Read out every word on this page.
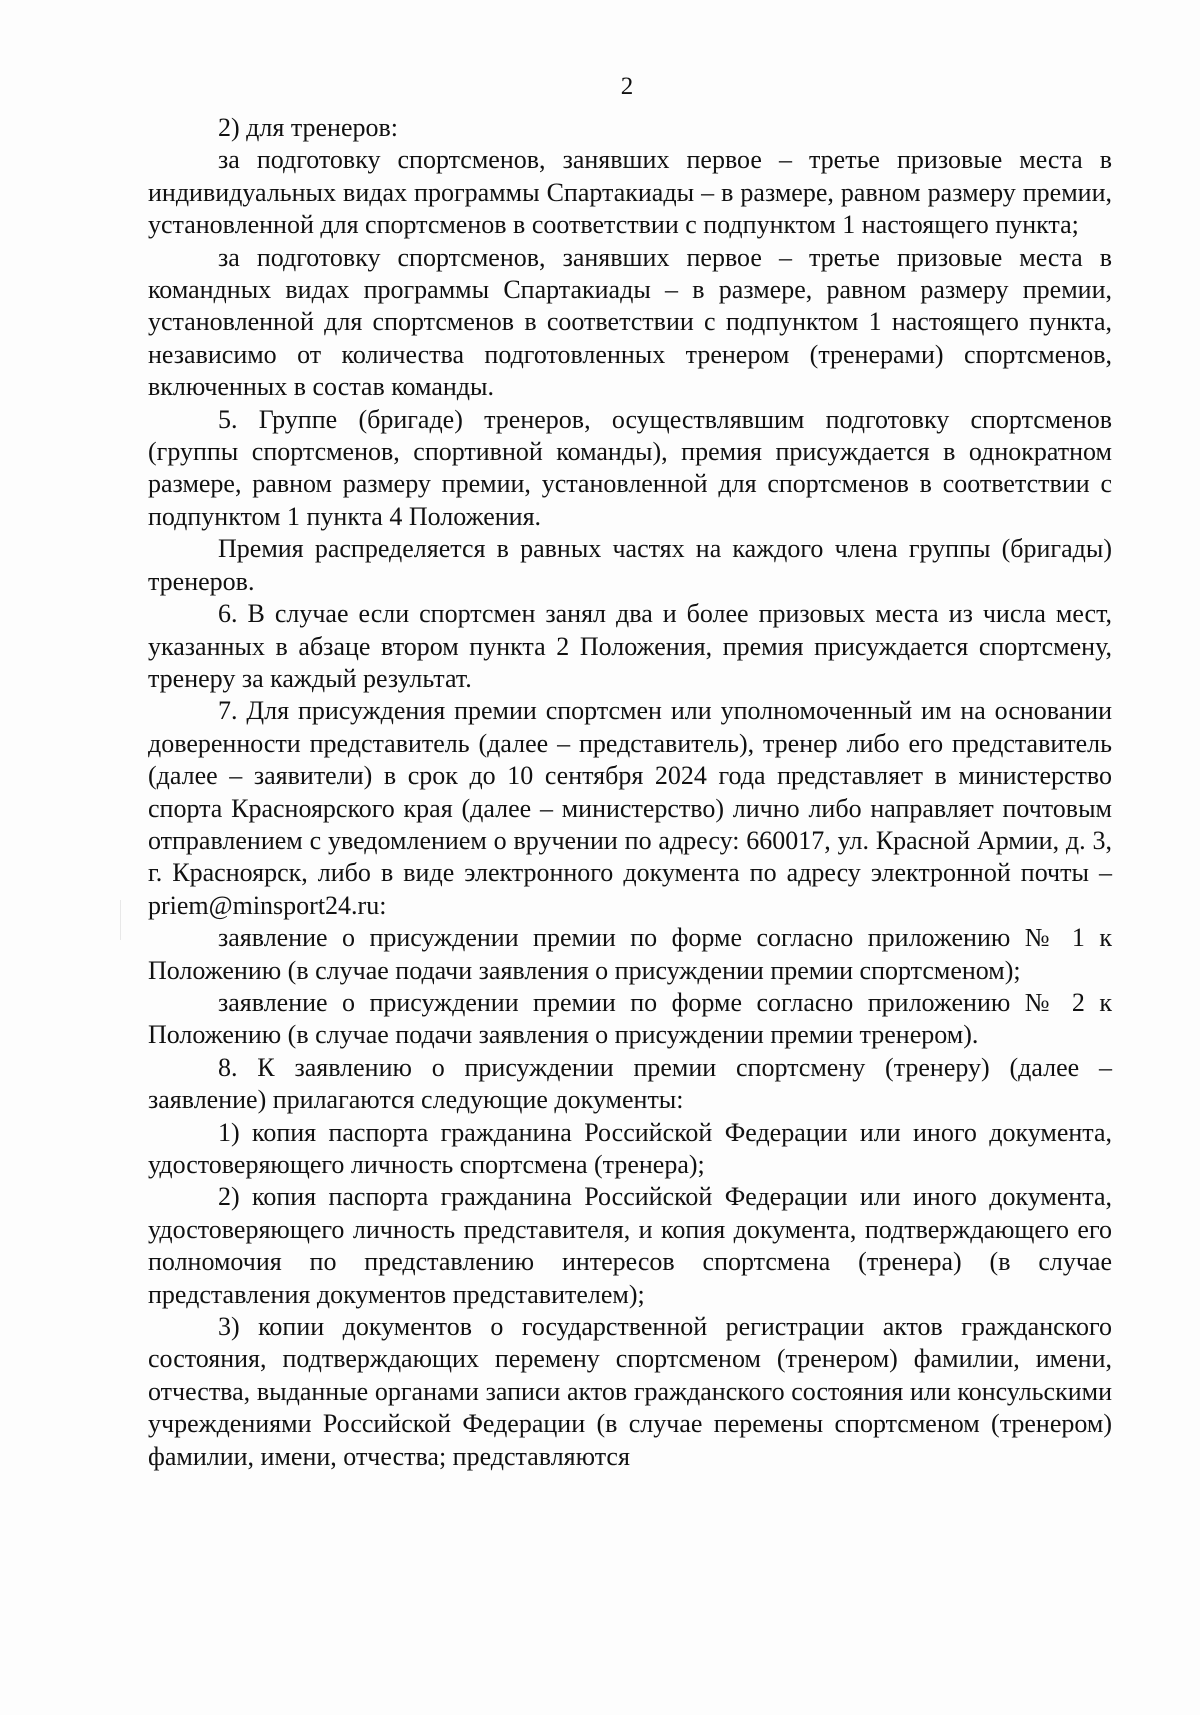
2

2) для тренеров:

за подготовку спортсменов, занявших первое – третье призовые места в индивидуальных видах программы Спартакиады – в размере, равном размеру премии, установленной для спортсменов в соответствии с подпунктом 1 настоящего пункта;

за подготовку спортсменов, занявших первое – третье призовые места в командных видах программы Спартакиады – в размере, равном размеру премии, установленной для спортсменов в соответствии с подпунктом 1 настоящего пункта, независимо от количества подготовленных тренером (тренерами) спортсменов, включенных в состав команды.

5. Группе (бригаде) тренеров, осуществлявшим подготовку спортсменов (группы спортсменов, спортивной команды), премия присуждается в однократном размере, равном размеру премии, установленной для спортсменов в соответствии с подпунктом 1 пункта 4 Положения.

Премия распределяется в равных частях на каждого члена группы (бригады) тренеров.

6. В случае если спортсмен занял два и более призовых места из числа мест, указанных в абзаце втором пункта 2 Положения, премия присуждается спортсмену, тренеру за каждый результат.

7. Для присуждения премии спортсмен или уполномоченный им на основании доверенности представитель (далее – представитель), тренер либо его представитель (далее – заявители) в срок до 10 сентября 2024 года представляет в министерство спорта Красноярского края (далее – министерство) лично либо направляет почтовым отправлением с уведомлением о вручении по адресу: 660017, ул. Красной Армии, д. 3, г. Красноярск, либо в виде электронного документа по адресу электронной почты – priem@minsport24.ru:

заявление о присуждении премии по форме согласно приложению № 1 к Положению (в случае подачи заявления о присуждении премии спортсменом);

заявление о присуждении премии по форме согласно приложению № 2 к Положению (в случае подачи заявления о присуждении премии тренером).

8. К заявлению о присуждении премии спортсмену (тренеру) (далее – заявление) прилагаются следующие документы:

1) копия паспорта гражданина Российской Федерации или иного документа, удостоверяющего личность спортсмена (тренера);

2) копия паспорта гражданина Российской Федерации или иного документа, удостоверяющего личность представителя, и копия документа, подтверждающего его полномочия по представлению интересов спортсмена (тренера) (в случае представления документов представителем);

3) копии документов о государственной регистрации актов гражданского состояния, подтверждающих перемену спортсменом (тренером) фамилии, имени, отчества, выданные органами записи актов гражданского состояния или консульскими учреждениями Российской Федерации (в случае перемены спортсменом (тренером) фамилии, имени, отчества; представляются
